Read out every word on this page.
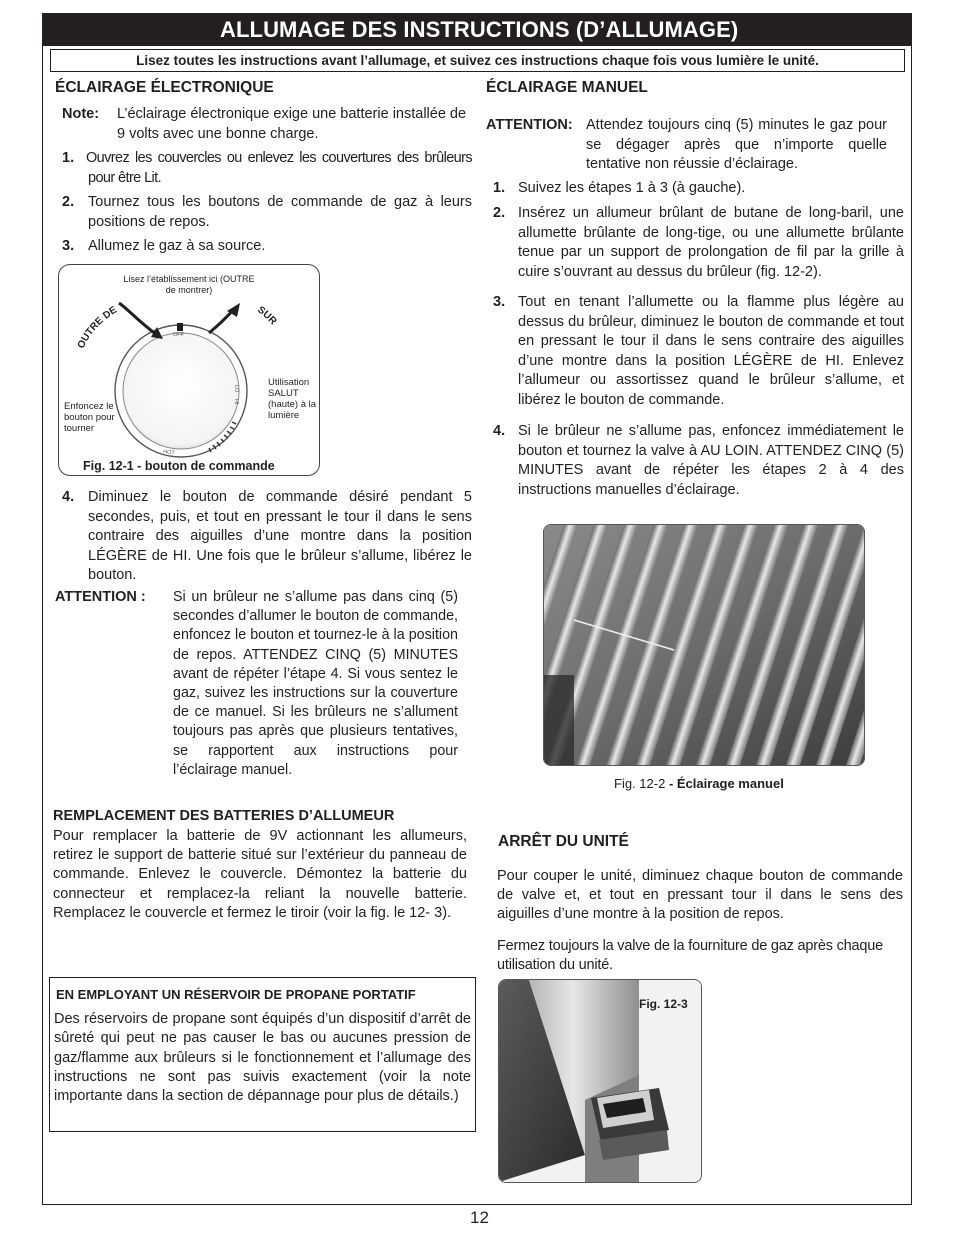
ALLUMAGE DES INSTRUCTIONS (D’ALLUMAGE)
Lisez toutes les instructions avant l’allumage, et suivez ces instructions chaque fois vous lumière le unité.
ÉCLAIRAGE ÉLECTRONIQUE
Note: L’éclairage électronique exige une batterie installée de 9 volts avec une bonne charge.
1. Ouvrez les couvercles ou enlevez les couvertures des brûleurs pour être Lit.
2. Tournez tous les boutons de commande de gaz à leurs positions de repos.
3. Allumez le gaz à sa source.
OUTRE DE	SUR
OFF
LO
HI
HOT
Lisez l’établissement ici (OUTRE de montrer)
Enfoncez le bouton pour tourner
Utilisation SALUT (haute) à la lumière
Fig. 12-1 - bouton de commande
4. Diminuez le bouton de commande désiré pendant 5 secondes, puis, et tout en pressant le tour il dans le sens contraire des aiguilles d’une montre dans la position LÉGÈRE de HI. Une fois que le brûleur s’allume, libérez le bouton.
ATTENTION : Si un brûleur ne s’allume pas dans cinq (5) secondes d’allumer le bouton de commande, enfoncez le bouton et tournez-le à la position de repos. ATTENDEZ CINQ (5) MINUTES avant de répéter l’étape 4. Si vous sentez le gaz, suivez les instructions sur la couverture de ce manuel. Si les brûleurs ne s’allument toujours pas après que plusieurs tentatives, se rapportent aux instructions pour l’éclairage manuel.
REMPLACEMENT DES BATTERIES D’ALLUMEUR
Pour remplacer la batterie de 9V actionnant les allumeurs, retirez le support de batterie situé sur l’extérieur du panneau de commande. Enlevez le couvercle. Démontez la batterie du connecteur et remplacez-la reliant la nouvelle batterie. Remplacez le couvercle et fermez le tiroir (voir la fig. le 12- 3).
EN EMPLOYANT UN RÉSERVOIR DE PROPANE PORTATIF
Des réservoirs de propane sont équipés d’un dispositif d’arrêt de sûreté qui peut ne pas causer le bas ou aucunes pression de gaz/flamme aux brûleurs si le fonctionnement et l’allumage des instructions ne sont pas suivis exactement (voir la note importante dans la section de dépannage pour plus de détails.)
ÉCLAIRAGE MANUEL
ATTENTION: Attendez toujours cinq (5) minutes le gaz pour se dégager après que n’importe quelle tentative non réussie d’éclairage.
1. Suivez les étapes 1 à 3 (à gauche).
2. Insérez un allumeur brûlant de butane de long-baril, une allumette brûlante de long-tige, ou une allumette brûlante tenue par un support de prolongation de fil par la grille à cuire s’ouvrant au dessus du brûleur (fig. 12-2).
3. Tout en tenant l’allumette ou la flamme plus légère au dessus du brûleur, diminuez le bouton de commande et tout en pressant le tour il dans le sens contraire des aiguilles d’une montre dans la position LÉGÈRE de HI. Enlevez l’allumeur ou assortissez quand le brûleur s’allume, et libérez le bouton de commande.
4. Si le brûleur ne s’allume pas, enfoncez immédiatement le bouton et tournez la valve à AU LOIN. ATTENDEZ CINQ (5) MINUTES avant de répéter les étapes 2 à 4 des instructions manuelles d’éclairage.
Fig. 12-2 - Éclairage manuel
ARRÊT DU UNITÉ
Pour couper le unité, diminuez chaque bouton de commande de valve et, et tout en pressant tour il dans le sens des aiguilles d’une montre à la position de repos.
Fermez toujours la valve de la fourniture de gaz après chaque utilisation du unité.
Fig. 12-3
12
